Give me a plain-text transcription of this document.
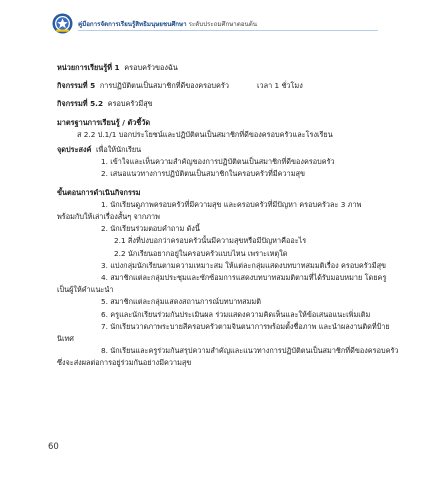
คู่มือการจัดการเรียนรู้สิทธิมนุษยชนศึกษา ระดับประถมศึกษาตอนต้น
หน่วยการเรียนรู้ที่ 1 ครอบครัวของฉัน
กิจกรรมที่ 5 การปฏิบัติตนเป็นสมาชิกที่ดีของครอบครัว	เวลา 1 ชั่วโมง
กิจกรรมที่ 5.2 ครอบครัวมีสุข
มาตรฐานการเรียนรู้ / ตัวชี้วัด
ส 2.2 ป.1/1 บอกประโยชน์และปฏิบัติตนเป็นสมาชิกที่ดีของครอบครัวและโรงเรียน
จุดประสงค์ เพื่อให้นักเรียน
1. เข้าใจและเห็นความสำคัญของการปฏิบัติตนเป็นสมาชิกที่ดีของครอบครัว
2. เสนอแนวทางการปฏิบัติตนเป็นสมาชิกในครอบครัวที่มีความสุข
ขั้นตอนการดำเนินกิจกรรม
1. นักเรียนดูภาพครอบครัวที่มีความสุข และครอบครัวที่มีปัญหา ครอบครัวละ 3 ภาพ
พร้อมกับให้เล่าเรื่องสั้นๆ จากภาพ
2. นักเรียนร่วมตอบคำถาม ดังนี้
2.1 สิ่งที่บ่งบอกว่าครอบครัวนั้นมีความสุขหรือมีปัญหาคืออะไร
2.2 นักเรียนอยากอยู่ในครอบครัวแบบไหน เพราะเหตุใด
3. แบ่งกลุ่มนักเรียนตามความเหมาะสม ให้แต่ละกลุ่มแสดงบทบาทสมมติเรื่อง ครอบครัวมีสุข
4. สมาชิกแต่ละกลุ่มประชุมและซักซ้อมการแสดงบทบาทสมมติตามที่ได้รับมอบหมาย โดยครู
เป็นผู้ให้คำแนะนำ
5. สมาชิกแต่ละกลุ่มแสดงสถานการณ์บทบาทสมมติ
6. ครูและนักเรียนร่วมกันประเมินผล ร่วมแสดงความคิดเห็นและให้ข้อเสนอแนะเพิ่มเติม
7. นักเรียนวาดภาพระบายสีครอบครัวตามจินตนาการพร้อมตั้งชื่อภาพ และนำผลงานติดที่ป้าย
นิเทศ
8. นักเรียนและครูร่วมกันสรุปความสำคัญและแนวทางการปฏิบัติตนเป็นสมาชิกที่ดีของครอบครัว
ซึ่งจะส่งผลต่อการอยู่ร่วมกันอย่างมีความสุข
60
